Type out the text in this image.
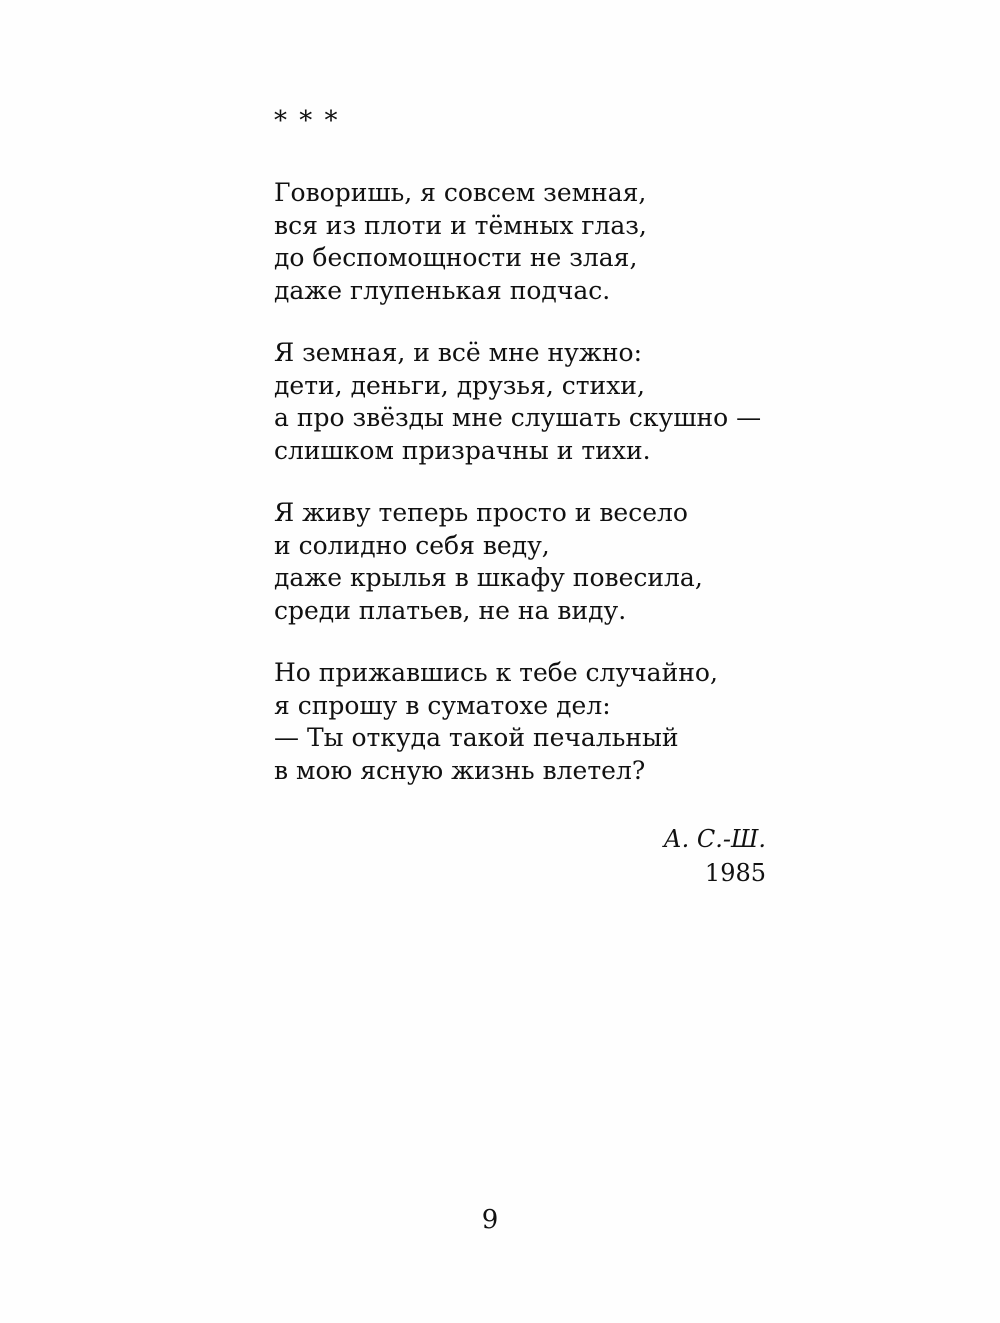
* * *
Говоришь, я совсем земная,
вся из плоти и тёмных глаз,
до беспомощности не злая,
даже глупенькая подчас.
Я земная, и всё мне нужно:
дети, деньги, друзья, стихи,
а про звёзды мне слушать скушно —
слишком призрачны и тихи.
Я живу теперь просто и весело
и солидно себя веду,
даже крылья в шкафу повесила,
среди платьев, не на виду.
Но прижавшись к тебе случайно,
я спрошу в суматохе дел:
— Ты откуда такой печальный
в мою ясную жизнь влетел?
А. С.-Ш.
1985
9
